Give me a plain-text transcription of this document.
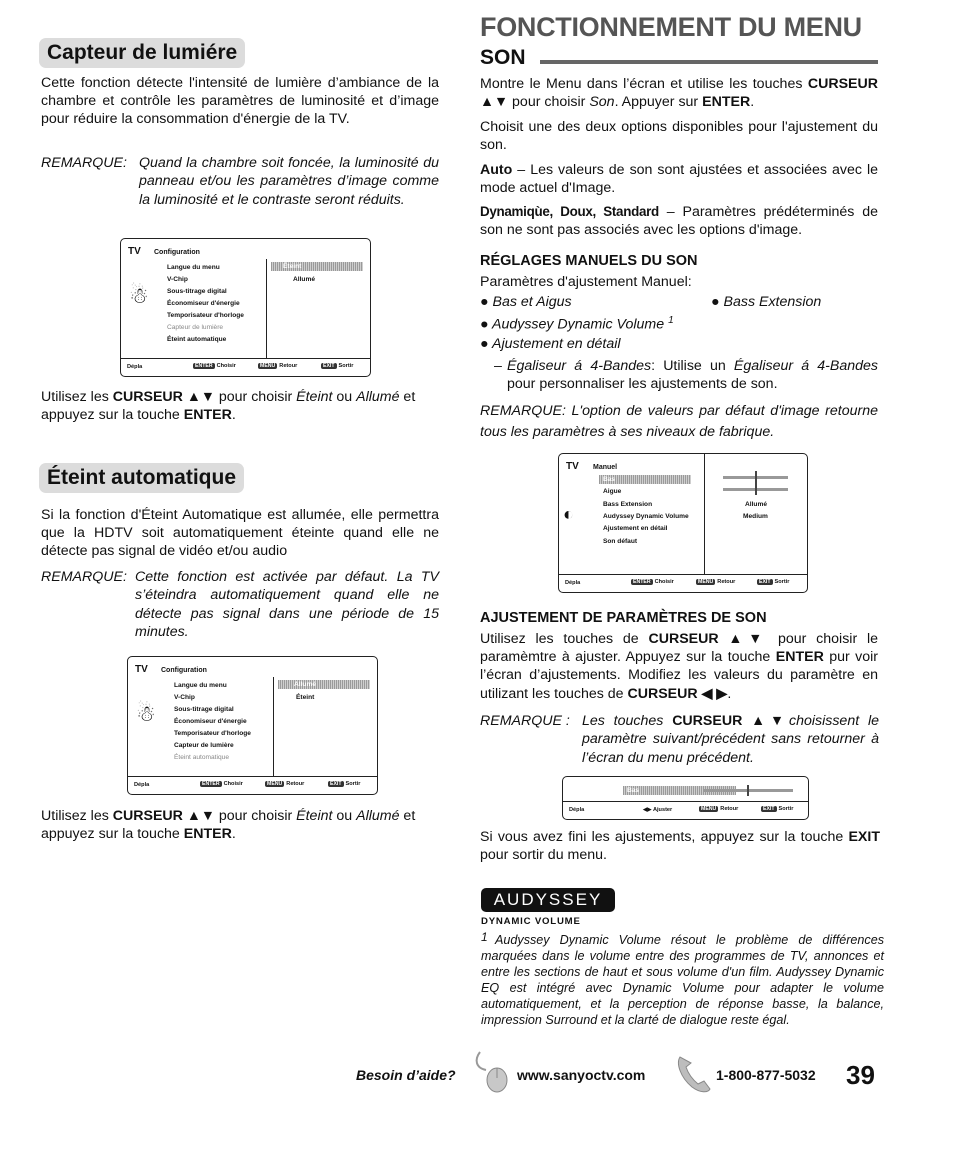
Capteur de lumiére

Cette fonction détecte l'intensité de lumière d’ambiance de la chambre et contrôle les paramètres de luminosité et d’image pour réduire la consommation d'énergie de la TV.

REMARQUE: Quand la chambre soit foncée, la luminosité du panneau et/ou les paramètres d’image comme la luminosité et le contraste seront réduits.
TV Configuration
☃
Langue du menu
V-Chip
Sous-titrage digital
Économiseur d'énergie
Temporisateur d'horloge
Capteur de lumière
Éteint automatique
Éteint
Allumé
Dépla	ENTER Choisir	MENU Retour	EXIT Sortir

Utilisez les CURSEUR ▲▼ pour choisir Éteint ou Allumé et appuyez sur la touche ENTER.

Éteint automatique

Si la fonction d'Éteint Automatique est allumée, elle permettra que la HDTV soit automatiquement éteinte quand elle ne détecte pas signal de vidéo et/ou audio

REMARQUE: Cette fonction est activée par défaut. La TV s’éteindra automatiquement quand elle ne détecte pas signal dans une période de 15 minutes.
TV Configuration
☃
Langue du menu
V-Chip
Sous-titrage digital
Économiseur d'énergie
Temporisateur d'horloge
Capteur de lumière
Éteint automatique
Allumé
Éteint
Dépla	ENTER Choisir	MENU Retour	EXIT Sortir

Utilisez les CURSEUR ▲▼ pour choisir Éteint ou Allumé et appuyez sur la touche ENTER.

FONCTIONNEMENT DU MENU
SON

Montre le Menu dans l’écran et utilise les touches CURSEUR ▲▼ pour choisir Son. Appuyer sur ENTER.

Choisit une des deux options disponibles pour l'ajustement du son.

Auto – Les valeurs de son sont ajustées et associées avec le mode actuel d'Image.

Dynamiqùe, Doux, Standard – Paramètres prédéterminés de son ne sont pas associés avec les options d'image.

RÉGLAGES MANUELS DU SON

Paramètres d'ajustement Manuel:

● Bas et Aigus	● Bass Extension
● Audyssey Dynamic Volume $^1$
● Ajustement en détail
– Égaliseur á 4-Bandes: Utilise un Égaliseur á 4-Bandes pour personnaliser les ajustements de son.

REMARQUE: L'option de valeurs par défaut d'image retourne tous les paramètres à ses niveaux de fabrique.

TV Manuel
◐
Bas
Aigue
Bass Extension
Audyssey Dynamic Volume
Ajustement en détail
Son défaut
Allumé
Medium
Dépla	ENTER Choisir	MENU Retour	EXIT Sortir
AJUSTEMENT DE PARAMÈTRES DE SON

Utilisez les touches de CURSEUR ▲▼ pour choisir le paramèmtre à ajuster. Appuyez sur la touche ENTER pur voir l’écran d’ajustements. Modifiez les valeurs du paramètre en utilizant les touches de CURSEUR ◀ ▶.

REMARQUE : Les touches CURSEUR ▲▼choisissent le paramètre suivant/précédent sans retourner à l’écran du menu précédent.

Bas
Dépla	◀▶ Ajuster	MENU Retour	EXIT Sortir

Si vous avez fini les ajustements, appuyez sur la touche EXIT pour sortir du menu.

AUDYSSEY
DYNAMIC VOLUME
1 Audyssey Dynamic Volume résout le problème de différences marquées dans le volume entre des programmes de TV, annonces et entre les sections de haut et sous volume d'un film. Audyssey Dynamic EQ est intégré avec Dynamic Volume pour adapter le volume automatiquement, et la perception de réponse basse, la balance, impression Surround et la clarté de dialogue reste égal.

Besoin d’aide?	www.sanyoctv.com	1-800-877-5032 39
